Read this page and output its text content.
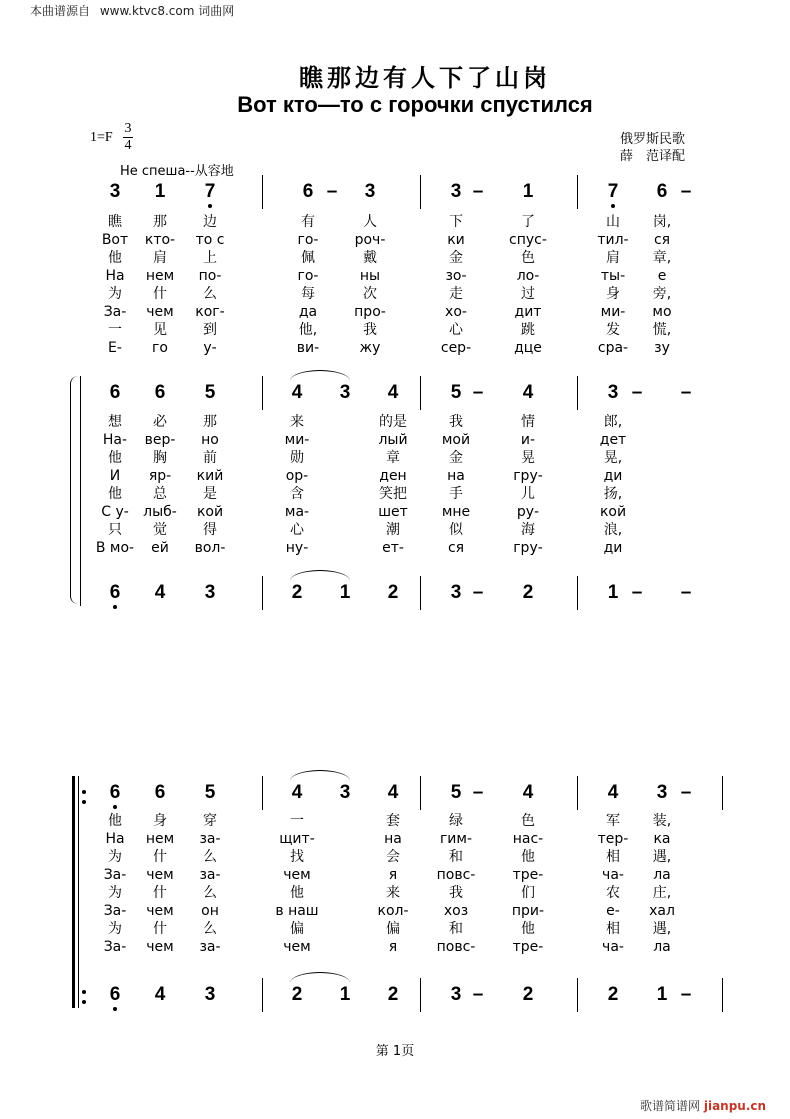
本曲谱源自 www.ktvc8.com 词曲网
瞧那边有人下了山岗
Вот кто—то с горочки спустился
1=F
3
4	俄罗斯民歌
薛　范译配
Не спеша--从容地
3	1	7	6 –	3	3 –	1	7	6 –
瞧	那	边	有	人	下	了	山	岗,
Вот	кто-	то с	го-	роч-	ки	спус-	тил-	ся
他	肩	上	佩	戴	金	色	肩	章,
На	нем	по-	го-	ны	зо-	ло-	ты-	е
为	什	么	每	次	走	过	身	旁,
За-	чем	ког-	да	про-	хо-	дит	ми-	мо
一	见	到	他,	我	心	跳	发	慌,
Е-	го	у-	ви-	жу	сер-	дце	сра-	зу
6	6	5	4	3	4	5 –	4	3 –	–
想	必	那	来	的是	我	情	郎,
На-	вер-	но	ми-	лый	мой	и-	дет
他	胸	前	勋	章	金	晃	晃,
И	яр-	кий	ор-	ден	на	гру-	ди
他	总	是	含	笑把	手	儿	扬,
С у-	лыб-	кой	ма-	шет	мне	ру-	кой
只	觉	得	心	潮	似	海	浪,
В мо-	ей	вол-	ну-	ет-	ся	гру-	ди
6	4	3	2	1	2	3 –	2	1 –	–
6	6	5	4	3	4	5 –	4	4	3 –
他	身	穿	一	套	绿	色	军	装,
На	нем	за-	щит-	на	гим-	нас-	тер-	ка
为	什	么	找	会	和	他	相	遇,
За-	чем	за-	чем	я	повс-	тре-	ча-	ла
为	什	么	他	来	我	们	农	庄,
За-	чем	он	в наш	кол-	хоз	при-	е-	хал
为	什	么	偏	偏	和	他	相	遇,
За-	чем	за-	чем	я	повс-	тре-	ча-	ла
6	4	3	2	1	2	3 –	2	2	1 –
第 1页
歌谱简谱网 jianpu.cn
